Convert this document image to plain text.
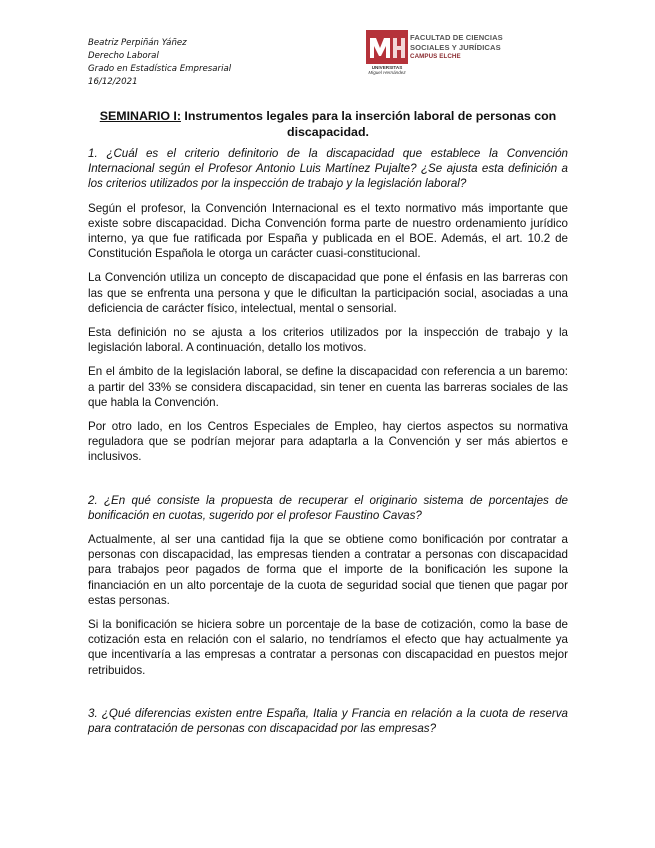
Beatriz Perpiñán Yáñez
Derecho Laboral
Grado en Estadística Empresarial
16/12/2021
UNIVERSITAS
Miguel Hernández
FACULTAD DE CIENCIAS
SOCIALES Y JURÍDICAS
CAMPUS ELCHE
SEMINARIO I: Instrumentos legales para la inserción laboral de personas con discapacidad.

1. ¿Cuál es el criterio definitorio de la discapacidad que establece la Convención Internacional según el Profesor Antonio Luis Martínez Pujalte? ¿Se ajusta esta definición a los criterios utilizados por la inspección de trabajo y la legislación laboral?

Según el profesor, la Convención Internacional es el texto normativo más importante que existe sobre discapacidad. Dicha Convención forma parte de nuestro ordenamiento jurídico interno, ya que fue ratificada por España y publicada en el BOE. Además, el art. 10.2 de Constitución Española le otorga un carácter cuasi-constitucional.

La Convención utiliza un concepto de discapacidad que pone el énfasis en las barreras con las que se enfrenta una persona y que le dificultan la participación social, asociadas a una deficiencia de carácter físico, intelectual, mental o sensorial.

Esta definición no se ajusta a los criterios utilizados por la inspección de trabajo y la legislación laboral. A continuación, detallo los motivos.

En el ámbito de la legislación laboral, se define la discapacidad con referencia a un baremo: a partir del 33% se considera discapacidad, sin tener en cuenta las barreras sociales de las que habla la Convención.

Por otro lado, en los Centros Especiales de Empleo, hay ciertos aspectos su normativa reguladora que se podrían mejorar para adaptarla a la Convención y ser más abiertos e inclusivos.

2. ¿En qué consiste la propuesta de recuperar el originario sistema de porcentajes de bonificación en cuotas, sugerido por el profesor Faustino Cavas?

Actualmente, al ser una cantidad fija la que se obtiene como bonificación por contratar a personas con discapacidad, las empresas tienden a contratar a personas con discapacidad para trabajos peor pagados de forma que el importe de la bonificación les supone la financiación en un alto porcentaje de la cuota de seguridad social que tienen que pagar por estas personas.

Si la bonificación se hiciera sobre un porcentaje de la base de cotización, como la base de cotización esta en relación con el salario, no tendríamos el efecto que hay actualmente ya que incentivaría a las empresas a contratar a personas con discapacidad en puestos mejor retribuidos.

3. ¿Qué diferencias existen entre España, Italia y Francia en relación a la cuota de reserva para contratación de personas con discapacidad por las empresas?
